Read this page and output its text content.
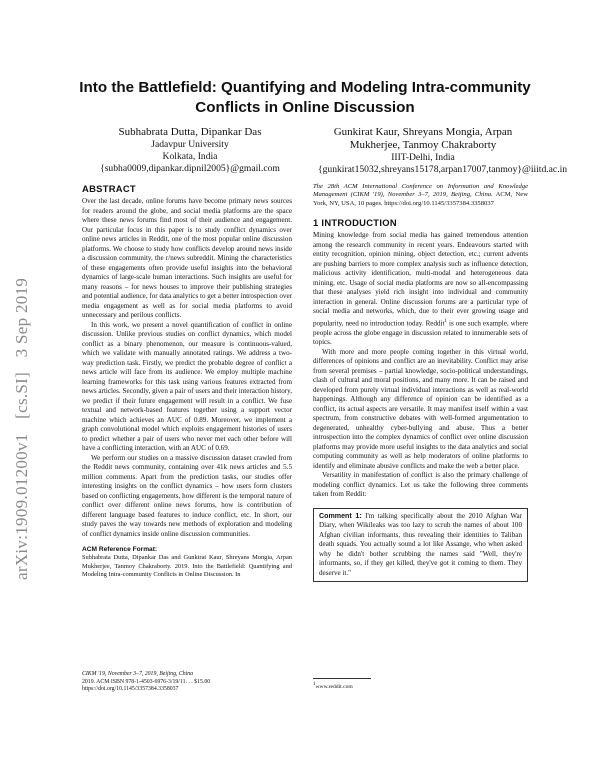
arXiv:1909.01200v1 [cs.SI] 3 Sep 2019
Into the Battlefield: Quantifying and Modeling Intra-community Conflicts in Online Discussion
Subhabrata Dutta, Dipankar Das
Jadavpur University
Kolkata, India
{subha0009,dipankar.dipnil2005}@gmail.com
Gunkirat Kaur, Shreyans Mongia, Arpan
Mukherjee, Tanmoy Chakraborty
IIIT-Delhi, India
{gunkirat15032,shreyans15178,arpan17007,tanmoy}@iiitd.ac.in
ABSTRACT

Over the last decade, online forums have become primary news sources for readers around the globe, and social media platforms are the space where these news forums find most of their audience and engagement. Our particular focus in this paper is to study conflict dynamics over online news articles in Reddit, one of the most popular online discussion platforms. We choose to study how conflicts develop around news inside a discussion community, the r/news subreddit. Mining the characteristics of these engagements often provide useful insights into the behavioral dynamics of large-scale human interactions. Such insights are useful for many reasons – for news houses to improve their publishing strategies and potential audience, for data analytics to get a better introspection over media engagement as well as for social media platforms to avoid unnecessary and perilous conflicts.

In this work, we present a novel quantification of conflict in online discussion. Unlike previous studies on conflict dynamics, which model conflict as a binary phenomenon, our measure is continuous-valued, which we validate with manually annotated ratings. We address a two-way prediction task. Firstly, we predict the probable degree of conflict a news article will face from its audience. We employ multiple machine learning frameworks for this task using various features extracted from news articles. Secondly, given a pair of users and their interaction history, we predict if their future engagement will result in a conflict. We fuse textual and network-based features together using a support vector machine which achieves an AUC of 0.89. Moreover, we implement a graph convolutional model which exploits engagement histories of users to predict whether a pair of users who never met each other before will have a conflicting interaction, with an AUC of 0.69.

We perform our studies on a massive discussion dataset crawled from the Reddit news community, containing over 41k news articles and 5.5 million comments. Apart from the prediction tasks, our studies offer interesting insights on the conflict dynamics – how users form clusters based on conflicting engagements, how different is the temporal nature of conflict over different online news forums, how is contribution of different language based features to induce conflict, etc. In short, our study paves the way towards new methods of exploration and modeling of conflict dynamics inside online discussion communities.

ACM Reference Format:

Subhabrata Dutta, Dipankar Das and Gunkirat Kaur, Shreyans Mongia, Arpan Mukherjee, Tanmoy Chakraborty. 2019. Into the Battlefield: Quantifying and Modeling Intra-community Conflicts in Online Discussion. In

CIKM '19, November 3–7, 2019, Beijing, China
2019. ACM ISBN 978-1-4503-6976-3/19/11. . . $15.00
https://doi.org/10.1145/3357384.3358037

The 28th ACM International Conference on Information and Knowledge Management (CIKM '19), November 3–7, 2019, Beijing, China. ACM, New York, NY, USA, 10 pages. https://doi.org/10.1145/3357384.3358037

1 INTRODUCTION

Mining knowledge from social media has gained tremendous attention among the research community in recent years. Endeavours started with entity recognition, opinion mining, object detection, etc.; current advents are pushing barriers to more complex analysis such as influence detection, malicious activity identification, multi-modal and heterogeneous data mining, etc. Usage of social media platforms are now so all-encompassing that these analyses yield rich insight into individual and community interaction in general. Online discussion forums are a particular type of social media and networks, which, due to their ever growing usage and popularity, need no introduction today. Reddit$^1$ is one such example, where people across the globe engage in discussion related to innumerable sets of topics.

With more and more people coming together in this virtual world, differences of opinions and conflict are an inevitability. Conflict may arise from several premises – partial knowledge, socio-political understandings, clash of cultural and moral positions, and many more. It can be raised and developed from purely virtual individual interactions as well as real-world happenings. Although any difference of opinion can be identified as a conflict, its actual aspects are versatile. It may manifest itself within a vast spectrum, from constructive debates with well-formed argumentation to degenerated, unhealthy cyber-bullying and abuse. Thus a better introspection into the complex dynamics of conflict over online discussion platforms may provide more useful insights to the data analytics and social computing community as well as help moderators of online platforms to identify and eliminate abusive conflicts and make the web a better place.

Versatility in manifestation of conflict is also the primary challenge of modeling conflict dynamics. Let us take the following three comments taken from Reddit:

Comment 1: I'm talking specifically about the 2010 Afghan War Diary, when Wikileaks was too lazy to scrub the names of about 100 Afghan civilian informants, thus revealing their identities to Taliban death squads. You actually sound a lot like Assange, who when asked why he didn't bother scrubbing the names said "Well, they're informants, so, if they get killed, they've got it coming to them. They deserve it."
$^1$www.reddit.com
